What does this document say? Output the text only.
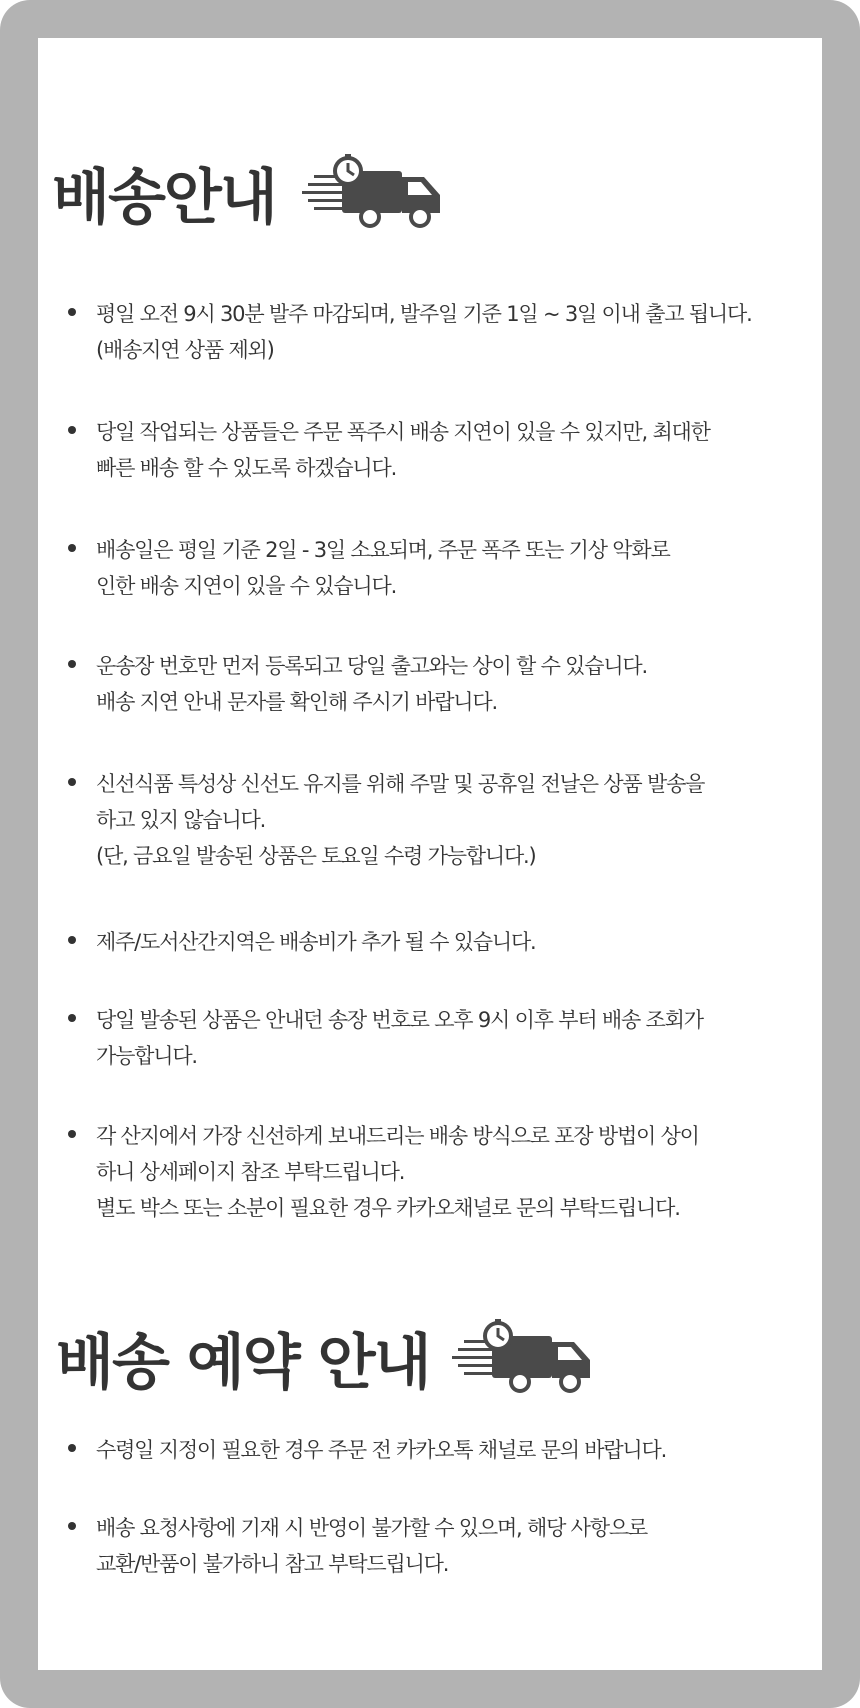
배송안내
평일 오전 9시 30분 발주 마감되며, 발주일 기준 1일 ~ 3일 이내 출고 됩니다.
(배송지연 상품 제외)
당일 작업되는 상품들은 주문 폭주시 배송 지연이 있을 수 있지만, 최대한
빠른 배송 할 수 있도록 하겠습니다.
배송일은 평일 기준 2일 - 3일 소요되며, 주문 폭주 또는 기상 악화로
인한 배송 지연이 있을 수 있습니다.
운송장 번호만 먼저 등록되고 당일 출고와는 상이 할 수 있습니다.
배송 지연 안내 문자를 확인해 주시기 바랍니다.
신선식품 특성상 신선도 유지를 위해 주말 및 공휴일 전날은 상품 발송을
하고 있지 않습니다.
(단, 금요일 발송된 상품은 토요일 수령 가능합니다.)
제주/도서산간지역은 배송비가 추가 될 수 있습니다.
당일 발송된 상품은 안내던 송장 번호로 오후 9시 이후 부터 배송 조회가
가능합니다.
각 산지에서 가장 신선하게 보내드리는 배송 방식으로 포장 방법이 상이
하니 상세페이지 참조 부탁드립니다.
별도 박스 또는 소분이 필요한 경우 카카오채널로 문의 부탁드립니다.
배송 예약 안내
수령일 지정이 필요한 경우 주문 전 카카오톡 채널로 문의 바랍니다.
배송 요청사항에 기재 시 반영이 불가할 수 있으며, 해당 사항으로
교환/반품이 불가하니 참고 부탁드립니다.
